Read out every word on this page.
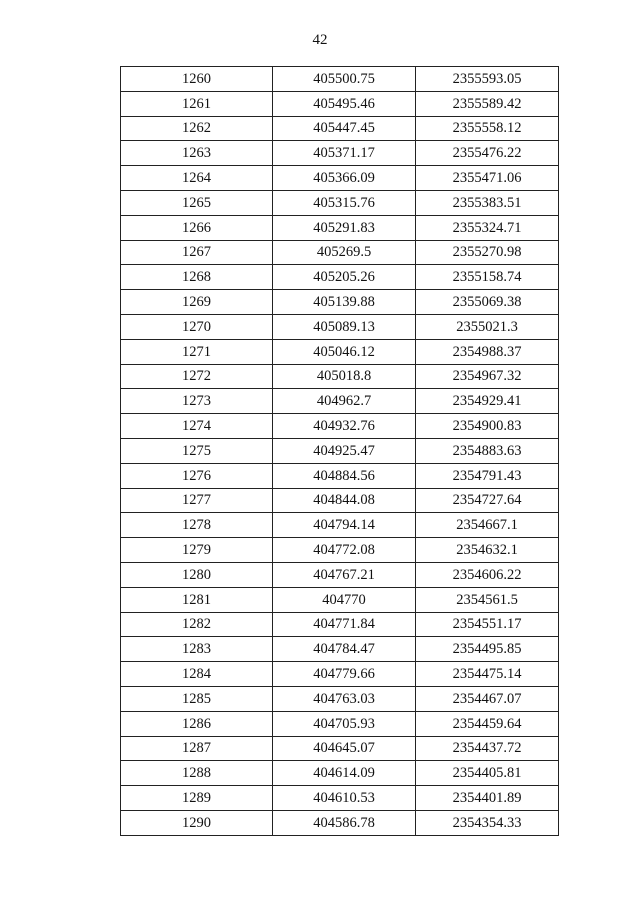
42
1260	405500.75	2355593.05
1261	405495.46	2355589.42
1262	405447.45	2355558.12
1263	405371.17	2355476.22
1264	405366.09	2355471.06
1265	405315.76	2355383.51
1266	405291.83	2355324.71
1267	405269.5	2355270.98
1268	405205.26	2355158.74
1269	405139.88	2355069.38
1270	405089.13	2355021.3
1271	405046.12	2354988.37
1272	405018.8	2354967.32
1273	404962.7	2354929.41
1274	404932.76	2354900.83
1275	404925.47	2354883.63
1276	404884.56	2354791.43
1277	404844.08	2354727.64
1278	404794.14	2354667.1
1279	404772.08	2354632.1
1280	404767.21	2354606.22
1281	404770	2354561.5
1282	404771.84	2354551.17
1283	404784.47	2354495.85
1284	404779.66	2354475.14
1285	404763.03	2354467.07
1286	404705.93	2354459.64
1287	404645.07	2354437.72
1288	404614.09	2354405.81
1289	404610.53	2354401.89
1290	404586.78	2354354.33
